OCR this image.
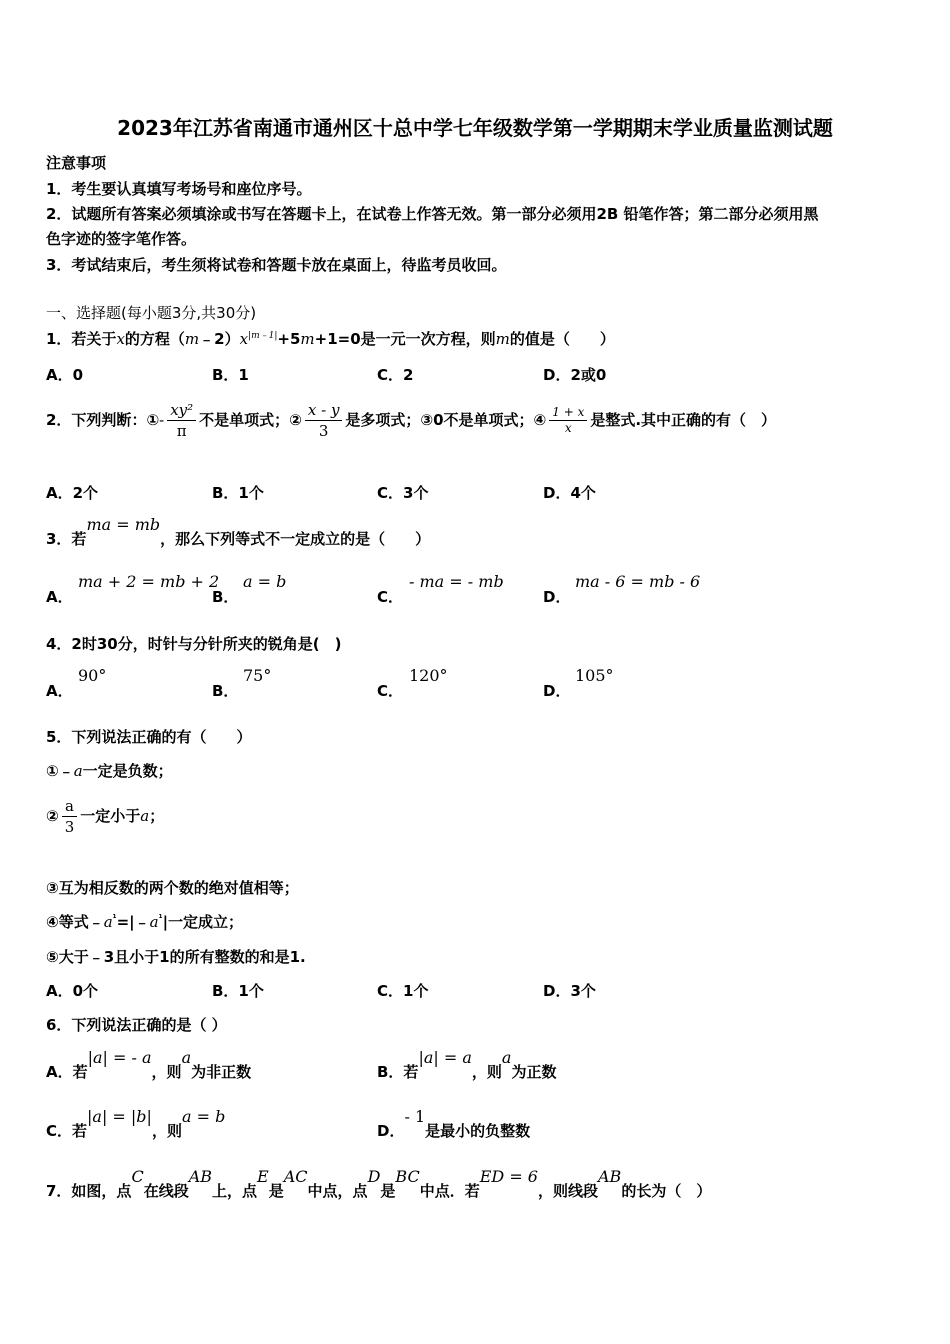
2023年江苏省南通市通州区十总中学七年级数学第一学期期末学业质量监测试题
注意事项
1．考生要认真填写考场号和座位序号。
2．试题所有答案必须填涂或书写在答题卡上，在试卷上作答无效。第一部分必须用2B 铅笔作答；第二部分必须用黑
色字迹的签字笔作答。
3．考试结束后，考生须将试卷和答题卡放在桌面上，待监考员收回。
一、选择题(每小题3分,共30分)
1．若关于x的方程$(m﹣2)x^{|m﹣1|}+5m+1=0$是一元一次方程，则m的值是（　　）
A．0	B．1	C．2	D．2或0
2．下列判断：①- $\frac{\text{xy²}}{\pi}$ 不是单项式；② $\frac{x - y}{3}$ 是多项式；③0不是单项式；④ $\frac{1 + x}{x}$ 是整式.其中正确的有（　）
A．2个	B．1个	C．3个	D．4个
3．若ma = mb，那么下列等式不一定成立的是（　　）
A．
ma + 2 = mb + 2
B．
a = b
C．
- ma = - mb
D．
ma - 6 = mb - 6
4．2时30分，时针与分针所夹的锐角是(　)
A．
90°
B．
75°
C．
120°
D．
105°
5．下列说法正确的有（　　）
①﹣a一定是负数；
② $\frac{a}{3}$ 一定小于a；
③互为相反数的两个数的绝对值相等；
④等式$﹣a^{^1}=|﹣a^{^1}|$一定成立；
⑤大于﹣3且小于1的所有整数的和是1.
A．0个	B．1个	C．1个	D．3个
6．下列说法正确的是（ ）
A．若|a| = - a，则a为非正数	B．若|a| = a，则a为正数
C．若|a| = |b|，则a = b
D．- 1是最小的负整数
7．如图，点C在线段AB上，点E是AC中点，点D是BC中点．若ED = 6，则线段AB的长为（　）
